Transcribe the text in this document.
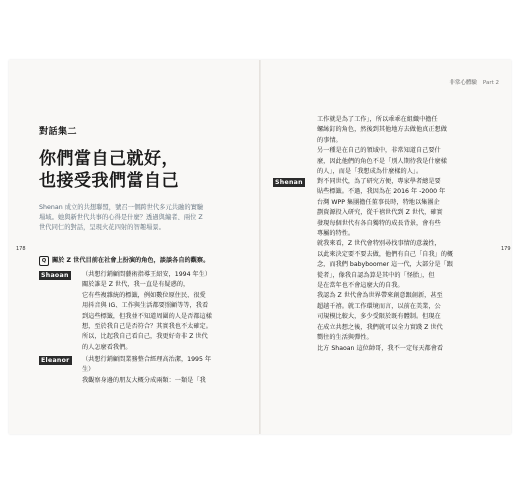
178	179
非常心體驗 Part 2
對話集二
你們當自己就好，
也接受我們當自己
Shenan 成立的共想聯盟，號召一個跨世代多元共融的實驗
場域。她與新世代共事的心得是什麼？透過與編者、兩位 Z
世代同仁的對話，呈現火花四射的智趣場景。
Q 關於 Z 世代目前在社會上扮演的角色，談談各自的觀察。
Shaoan	（共想行銷顧問藝術指導王紹安，1994 年生）
關於誰是 Z 世代，我一直是有疑惑的，
它有些複雜統的標籤，例如數位原住民、很愛
用抖音與 IG、工作與生活都要照顧等等，我看
到這些標籤，但我並不知道周圍的人是否都這樣
想，至於我自己是否符合？其實我也不太確定。
所以，比起我自己看自己，我更好奇非 Z 世代
的人怎麼看我們。
Eleanor	（共想行銷顧問業務整合經理高治潔，1995 年
生）
我觀察身邊的朋友大概分成兩類：一類是「我
工作就是為了工作」，所以乖乖在組織中擔任
螺絲釘的角色，然後到其他地方去做他真正想做
的事情。
另一種是在自己的領域中，非常知道自己要什
麼，因此他們的角色不是「別人期待我是什麼樣
的人」，而是「我想成為什麼樣的人」。
Shenan	對不同世代，為了研究方便，專家學者總是要
貼些標籤。不過，我因為在 2016 年 -2000 年
台灣 WPP 集團擔任董事長時，特地以集團企
劃資源投入研究，從千禧世代到 Z 世代，確實
發現每個世代有各自獨特的成長背景，會有些
專屬的特性。
就我來看，Z 世代會特別尋找事情的意義性，
以此來決定要不要去做，他們有自己「自我」的概
念，而我們 babyboomer 這一代，大部分是「跟
從者」，像我自認為算是其中的「怪胎」，但
是在當年也不會這麼大的自我。
我認為 Z 世代會為世界帶來創意跟創新，甚至
超越千禧。就工作環境而言，以前在美業，公
司規模比較大，多少受限於既有體制。但現在
在成立共想之後，我們就可以全力實踐 Z 世代
嚮往的生活與彈性。
比方 Shaoan 這位帥哥，我不一定每天都會看
